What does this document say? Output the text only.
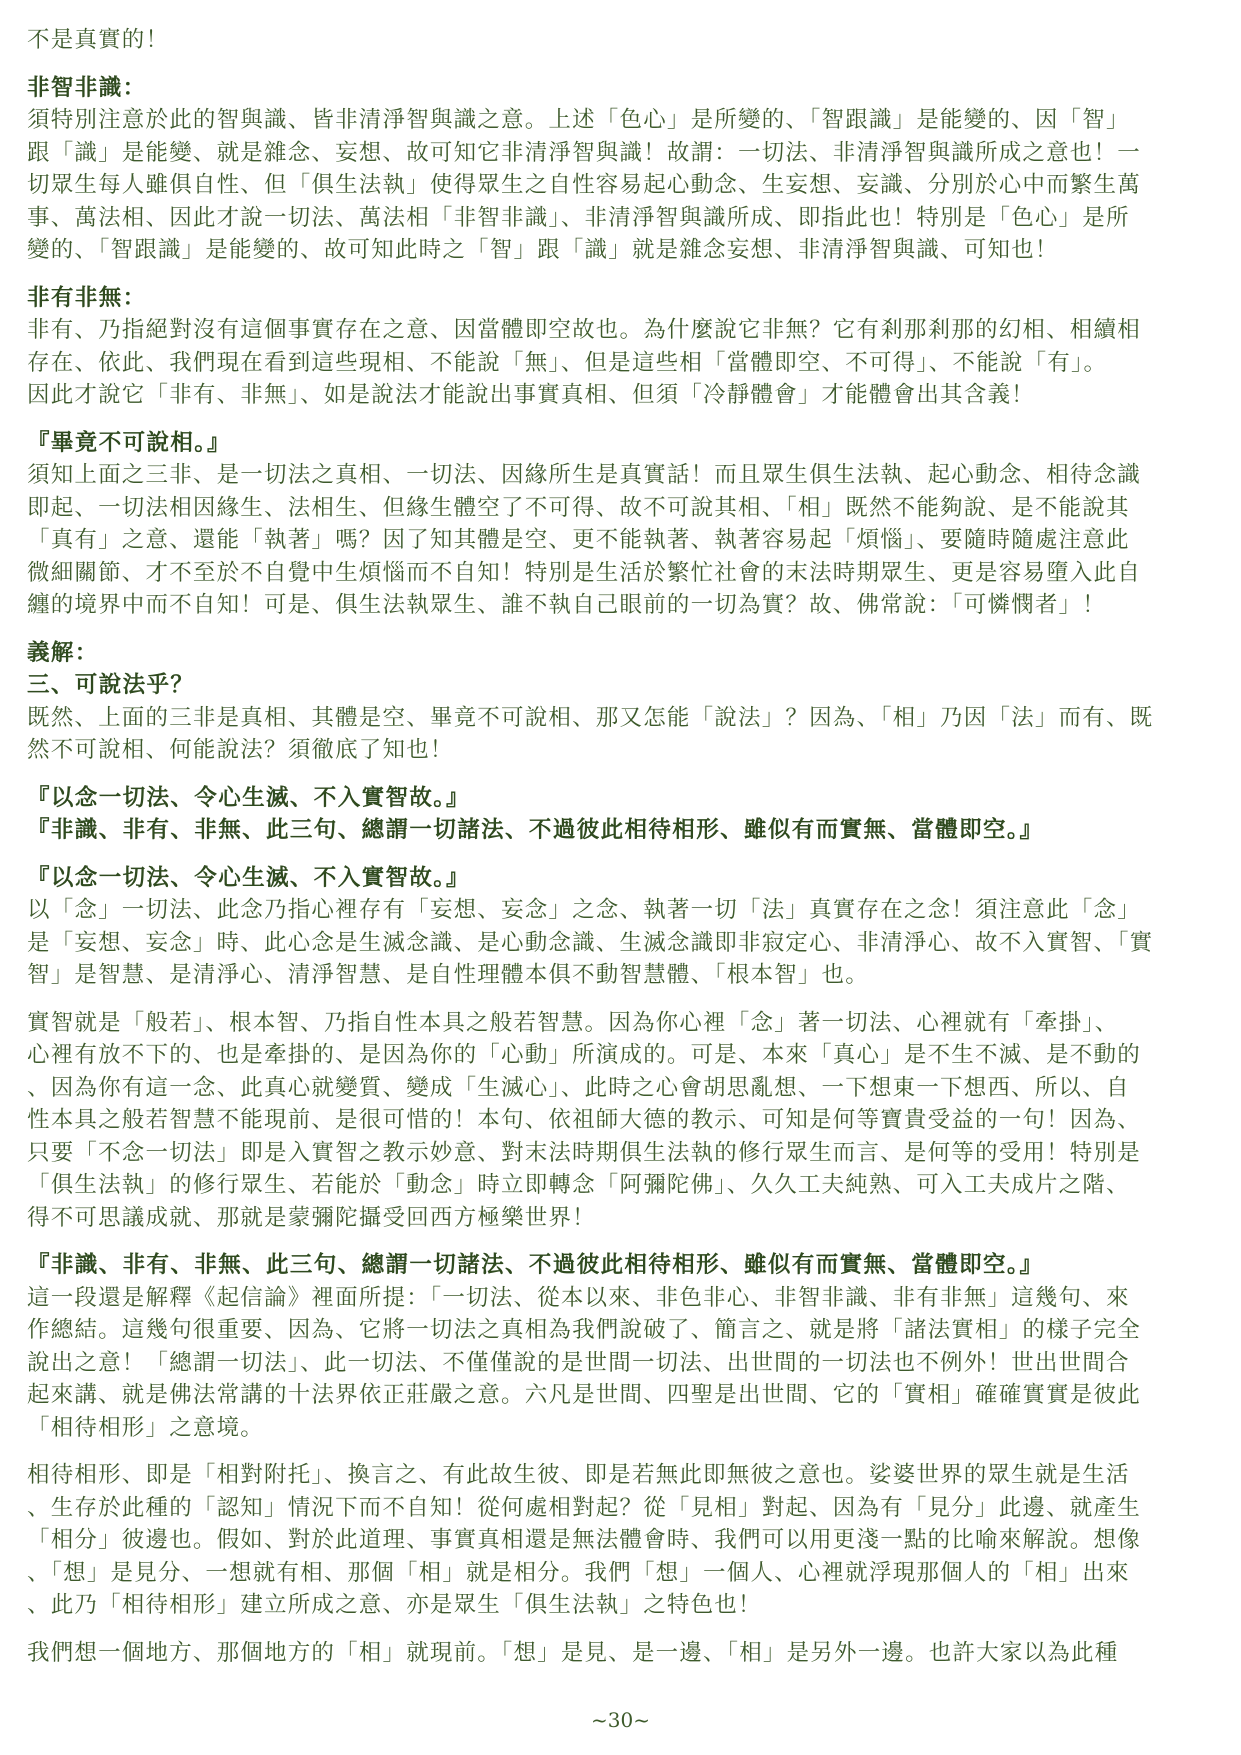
不是真實的！
非智非識：
須特別注意於此的智與識、皆非清淨智與識之意。上述「色心」是所變的、「智跟識」是能變的、因「智」
跟「識」是能變、就是雜念、妄想、故可知它非清淨智與識！故謂：一切法、非清淨智與識所成之意也！一
切眾生每人雖俱自性、但「俱生法執」使得眾生之自性容易起心動念、生妄想、妄識、分別於心中而繁生萬
事、萬法相、因此才說一切法、萬法相「非智非識」、非清淨智與識所成、即指此也！特別是「色心」是所
變的、「智跟識」是能變的、故可知此時之「智」跟「識」就是雜念妄想、非清淨智與識、可知也！
非有非無：
非有、乃指絕對沒有這個事實存在之意、因當體即空故也。為什麼說它非無？它有剎那剎那的幻相、相續相
存在、依此、我們現在看到這些現相、不能說「無」、但是這些相「當體即空、不可得」、不能說「有」。
因此才說它「非有、非無」、如是說法才能說出事實真相、但須「冷靜體會」才能體會出其含義！
『畢竟不可說相。』
須知上面之三非、是一切法之真相、一切法、因緣所生是真實話！而且眾生俱生法執、起心動念、相待念識
即起、一切法相因緣生、法相生、但緣生體空了不可得、故不可說其相、「相」既然不能夠說、是不能說其
「真有」之意、還能「執著」嗎？因了知其體是空、更不能執著、執著容易起「煩惱」、要隨時隨處注意此
微細關節、才不至於不自覺中生煩惱而不自知！特別是生活於繁忙社會的末法時期眾生、更是容易墮入此自
纏的境界中而不自知！可是、俱生法執眾生、誰不執自己眼前的一切為實？故、佛常說：「可憐憫者」！
義解：
三、可說法乎？
既然、上面的三非是真相、其體是空、畢竟不可說相、那又怎能「說法」？因為、「相」乃因「法」而有、既
然不可說相、何能說法？須徹底了知也！
『以念一切法、令心生滅、不入實智故。』
『非識、非有、非無、此三句、總謂一切諸法、不過彼此相待相形、雖似有而實無、當體即空。』
『以念一切法、令心生滅、不入實智故。』
以「念」一切法、此念乃指心裡存有「妄想、妄念」之念、執著一切「法」真實存在之念！須注意此「念」
是「妄想、妄念」時、此心念是生滅念識、是心動念識、生滅念識即非寂定心、非清淨心、故不入實智、「實
智」是智慧、是清淨心、清淨智慧、是自性理體本俱不動智慧體、「根本智」也。
實智就是「般若」、根本智、乃指自性本具之般若智慧。因為你心裡「念」著一切法、心裡就有「牽掛」、
心裡有放不下的、也是牽掛的、是因為你的「心動」所演成的。可是、本來「真心」是不生不滅、是不動的
、因為你有這一念、此真心就變質、變成「生滅心」、此時之心會胡思亂想、一下想東一下想西、所以、自
性本具之般若智慧不能現前、是很可惜的！本句、依祖師大德的教示、可知是何等寶貴受益的一句！因為、
只要「不念一切法」即是入實智之教示妙意、對末法時期俱生法執的修行眾生而言、是何等的受用！特別是
「俱生法執」的修行眾生、若能於「動念」時立即轉念「阿彌陀佛」、久久工夫純熟、可入工夫成片之階、
得不可思議成就、那就是蒙彌陀攝受回西方極樂世界！
『非識、非有、非無、此三句、總謂一切諸法、不過彼此相待相形、雖似有而實無、當體即空。』
這一段還是解釋《起信論》裡面所提：「一切法、從本以來、非色非心、非智非識、非有非無」這幾句、來
作總結。這幾句很重要、因為、它將一切法之真相為我們說破了、簡言之、就是將「諸法實相」的樣子完全
說出之意！「總謂一切法」、此一切法、不僅僅說的是世間一切法、出世間的一切法也不例外！世出世間合
起來講、就是佛法常講的十法界依正莊嚴之意。六凡是世間、四聖是出世間、它的「實相」確確實實是彼此
「相待相形」之意境。
相待相形、即是「相對附托」、換言之、有此故生彼、即是若無此即無彼之意也。娑婆世界的眾生就是生活
、生存於此種的「認知」情況下而不自知！從何處相對起？從「見相」對起、因為有「見分」此邊、就產生
「相分」彼邊也。假如、對於此道理、事實真相還是無法體會時、我們可以用更淺一點的比喻來解說。想像
、「想」是見分、一想就有相、那個「相」就是相分。我們「想」一個人、心裡就浮現那個人的「相」出來
、此乃「相待相形」建立所成之意、亦是眾生「俱生法執」之特色也！
我們想一個地方、那個地方的「相」就現前。「想」是見、是一邊、「相」是另外一邊。也許大家以為此種
~30~
